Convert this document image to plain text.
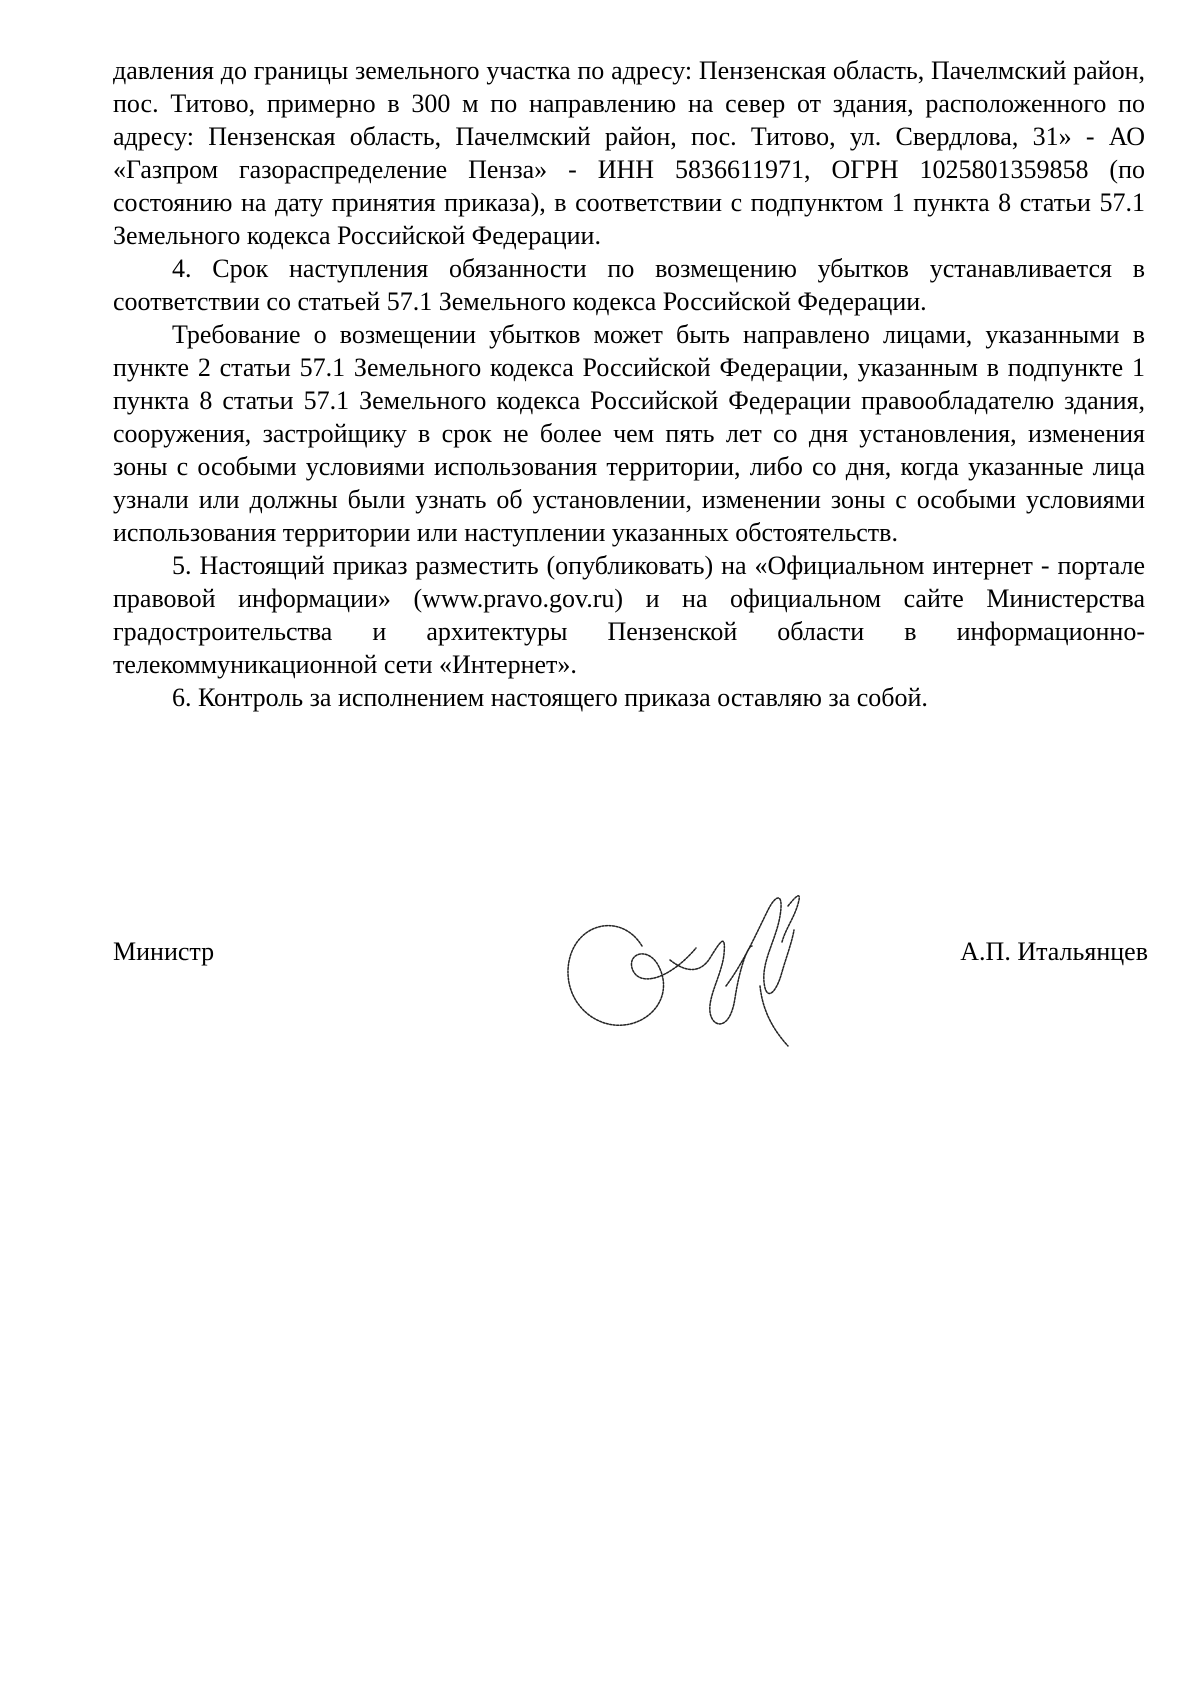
давления до границы земельного участка по адресу: Пензенская область, Пачелмский район, пос. Титово, примерно в 300 м по направлению на север от здания, расположенного по адресу: Пензенская область, Пачелмский район, пос. Титово, ул. Свердлова, 31» - АО «Газпром газораспределение Пенза» - ИНН 5836611971, ОГРН 1025801359858 (по состоянию на дату принятия приказа), в соответствии с подпунктом 1 пункта 8 статьи 57.1 Земельного кодекса Российской Федерации.

4. Срок наступления обязанности по возмещению убытков устанавливается в соответствии со статьей 57.1 Земельного кодекса Российской Федерации.

Требование о возмещении убытков может быть направлено лицами, указанными в пункте 2 статьи 57.1 Земельного кодекса Российской Федерации, указанным в подпункте 1 пункта 8 статьи 57.1 Земельного кодекса Российской Федерации правообладателю здания, сооружения, застройщику в срок не более чем пять лет со дня установления, изменения зоны с особыми условиями использования территории, либо со дня, когда указанные лица узнали или должны были узнать об установлении, изменении зоны с особыми условиями использования территории или наступлении указанных обстоятельств.

5. Настоящий приказ разместить (опубликовать) на «Официальном интернет - портале правовой информации» (www.pravo.gov.ru) и на официальном сайте Министерства градостроительства и архитектуры Пензенской области в информационно-телекоммуникационной сети «Интернет».

6. Контроль за исполнением настоящего приказа оставляю за собой.

Министр	А.П. Итальянцев
